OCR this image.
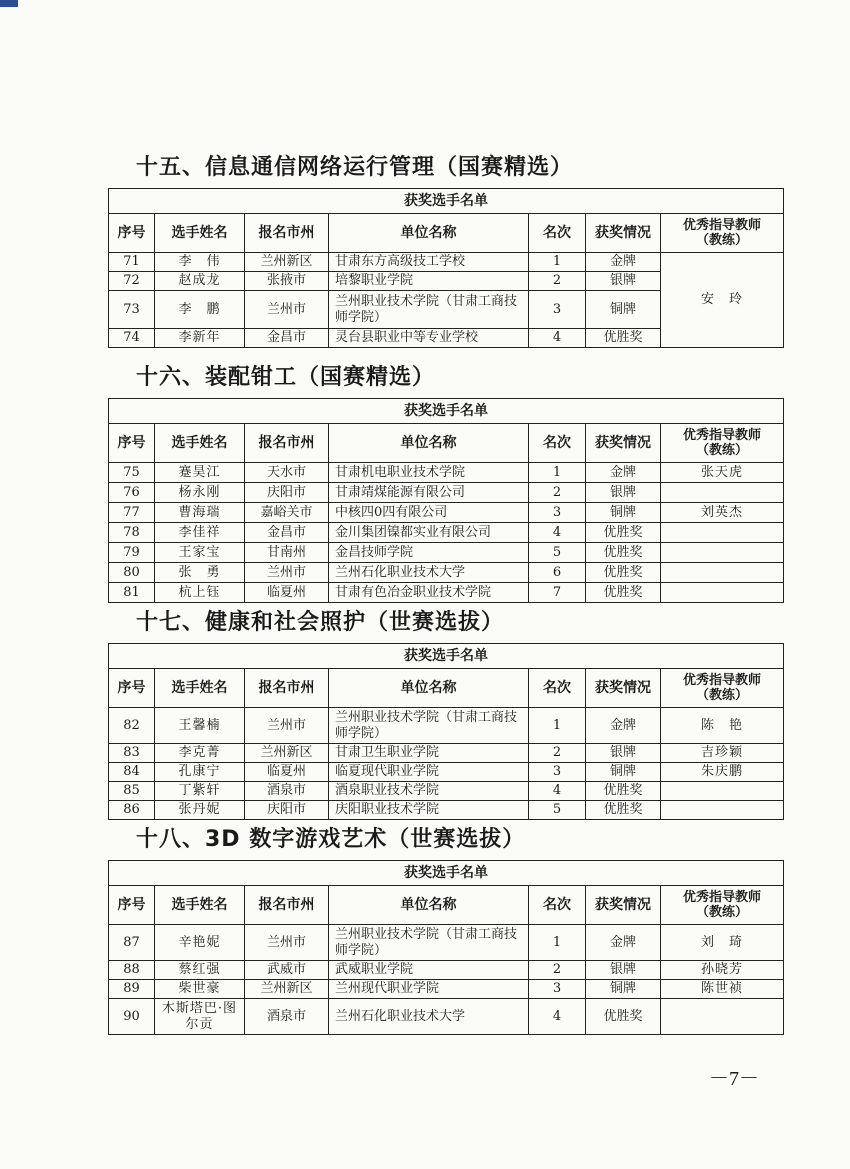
十五、信息通信网络运行管理（国赛精选）
获奖选手名单						
序号	选手姓名	报名市州	单位名称	名次	获奖情况	优秀指导教师
（教练）
71	李　伟	兰州新区	甘肃东方高级技工学校	1	金牌	安　玲
72	赵成龙	张掖市	培黎职业学院	2	银牌	
73	李　鹏	兰州市	兰州职业技术学院（甘肃工商技师学院）	3	铜牌	
74	李新年	金昌市	灵台县职业中等专业学校	4	优胜奖	
十六、装配钳工（国赛精选）
获奖选手名单						
序号	选手姓名	报名市州	单位名称	名次	获奖情况	优秀指导教师
（教练）
75	蹇昊江	天水市	甘肃机电职业技术学院	1	金牌	张天虎
76	杨永刚	庆阳市	甘肃靖煤能源有限公司	2	银牌	
77	曹海瑞	嘉峪关市	中核四0四有限公司	3	铜牌	刘英杰
78	李佳祥	金昌市	金川集团镍都实业有限公司	4	优胜奖	
79	王家宝	甘南州	金昌技师学院	5	优胜奖	
80	张　勇	兰州市	兰州石化职业技术大学	6	优胜奖	
81	杭上钰	临夏州	甘肃有色冶金职业技术学院	7	优胜奖	
十七、健康和社会照护（世赛选拔）
获奖选手名单						
序号	选手姓名	报名市州	单位名称	名次	获奖情况	优秀指导教师
（教练）
82	王馨楠	兰州市	兰州职业技术学院（甘肃工商技师学院）	1	金牌	陈　艳
83	李克菁	兰州新区	甘肃卫生职业学院	2	银牌	吉珍颖
84	孔康宁	临夏州	临夏现代职业学院	3	铜牌	朱庆鹏
85	丁紫轩	酒泉市	酒泉职业技术学院	4	优胜奖	
86	张丹妮	庆阳市	庆阳职业技术学院	5	优胜奖	
十八、3D 数字游戏艺术（世赛选拔）
获奖选手名单						
序号	选手姓名	报名市州	单位名称	名次	获奖情况	优秀指导教师
（教练）
87	辛艳妮	兰州市	兰州职业技术学院（甘肃工商技师学院）	1	金牌	刘　琦
88	蔡红强	武威市	武威职业学院	2	银牌	孙晓芳
89	柴世豪	兰州新区	兰州现代职业学院	3	铜牌	陈世祯
90	木斯塔巴·图尔贡	酒泉市	兰州石化职业技术大学	4	优胜奖	
－7－
